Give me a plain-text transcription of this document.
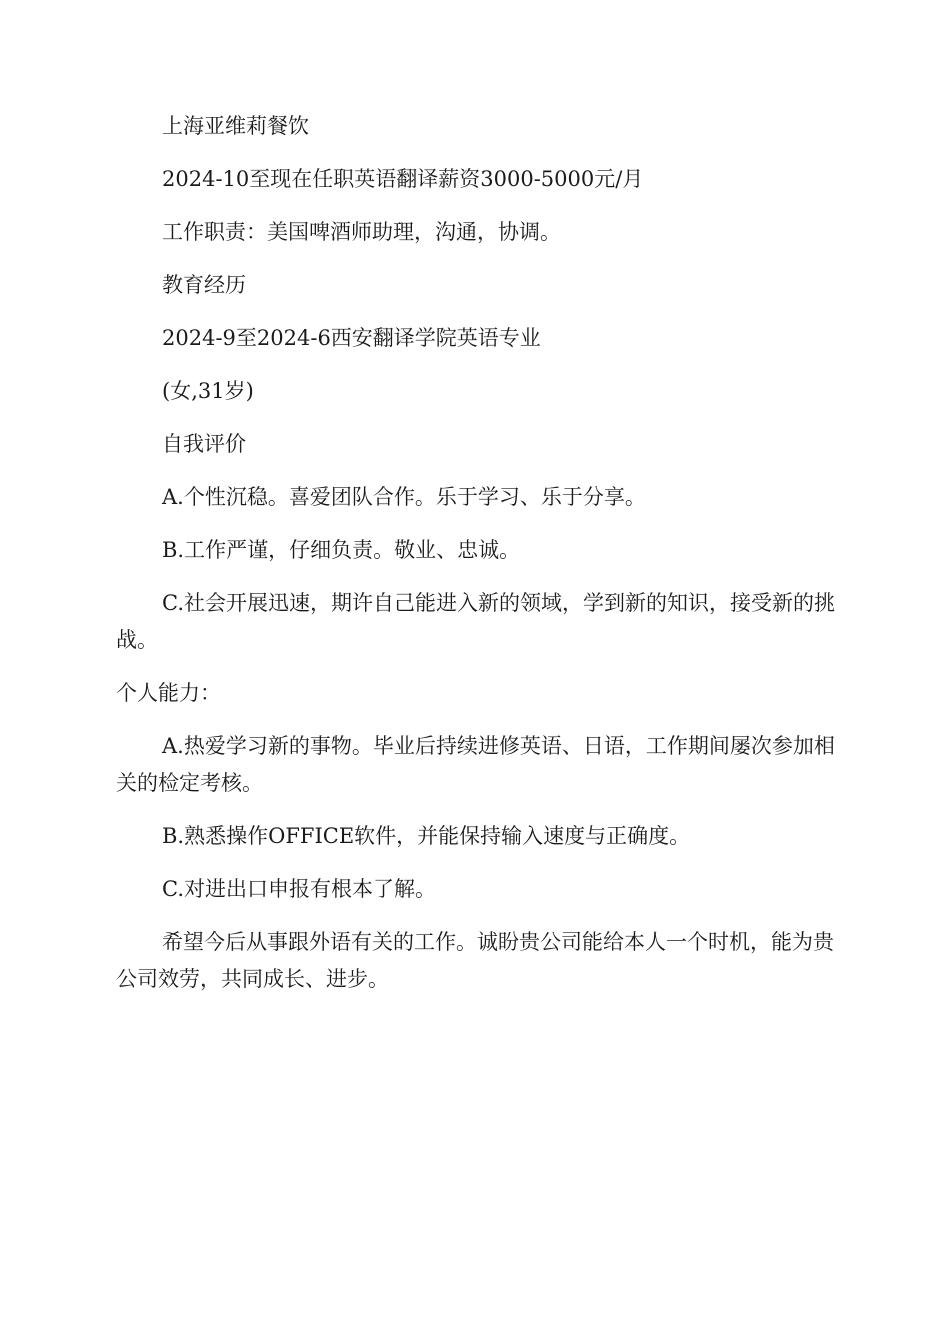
上海亚维莉餐饮

2024-10至现在任职英语翻译薪资3000-5000元/月

工作职责：美国啤酒师助理，沟通，协调。

教育经历

2024-9至2024-6西安翻译学院英语专业

(女,31岁)

自我评价

A.个性沉稳。喜爱团队合作。乐于学习、乐于分享。

B.工作严谨，仔细负责。敬业、忠诚。

C.社会开展迅速，期许自己能进入新的领域，学到新的知识，接受新的挑战。

个人能力：

A.热爱学习新的事物。毕业后持续进修英语、日语，工作期间屡次参加相关的检定考核。

B.熟悉操作OFFICE软件，并能保持输入速度与正确度。

C.对进出口申报有根本了解。

希望今后从事跟外语有关的工作。诚盼贵公司能给本人一个时机，能为贵公司效劳，共同成长、进步。
